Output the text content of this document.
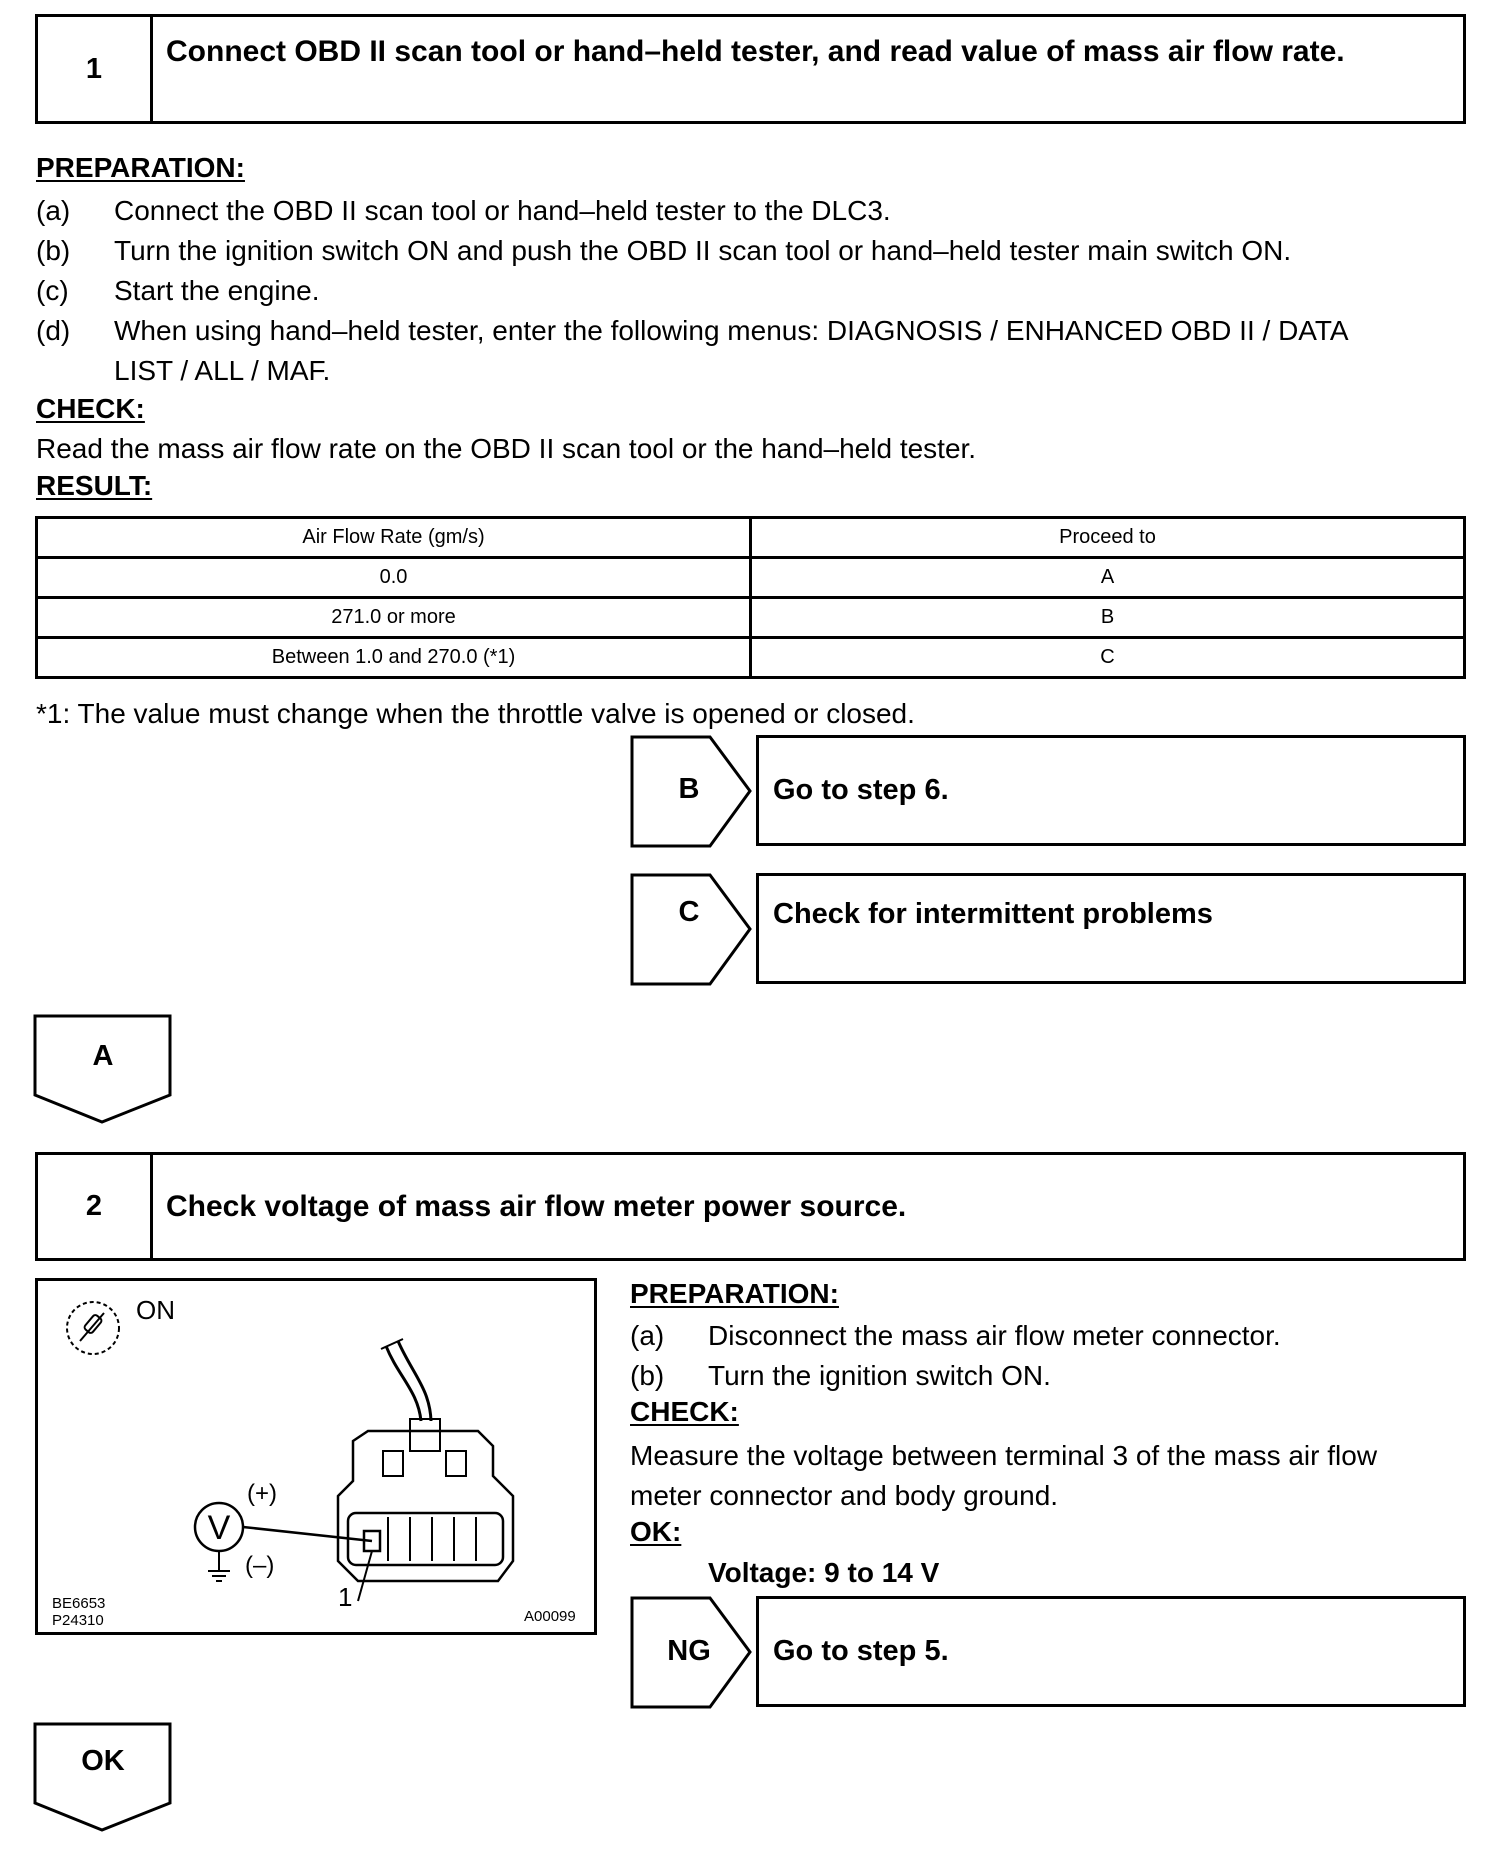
1
Connect OBD II scan tool or hand–held tester, and read value of mass air flow rate.
PREPARATION:
(a) Connect the OBD II scan tool or hand–held tester to the DLC3.
(b) Turn the ignition switch ON and push the OBD II scan tool or hand–held tester main switch ON.
(c) Start the engine.
(d) When using hand–held tester, enter the following menus: DIAGNOSIS / ENHANCED OBD II / DATA
LIST / ALL / MAF.
CHECK:
Read the mass air flow rate on the OBD II scan tool or the hand–held tester.
RESULT:
Air Flow Rate (gm/s)	Proceed to
0.0	A
271.0 or more	B
Between 1.0 and 270.0 (*1)	C
*1: The value must change when the throttle valve is opened or closed.
B	Go to step 6.
C	Check for intermittent problems
A
2	Check voltage of mass air flow meter power source.
V
ON
(+)
(–)
1
BE6653
P24310	A00099
PREPARATION:
(a) Disconnect the mass air flow meter connector.
(b) Turn the ignition switch ON.
CHECK:
Measure the voltage between terminal 3 of the mass air flow
meter connector and body ground.
OK:
Voltage: 9 to 14 V
NG	Go to step 5.
OK
